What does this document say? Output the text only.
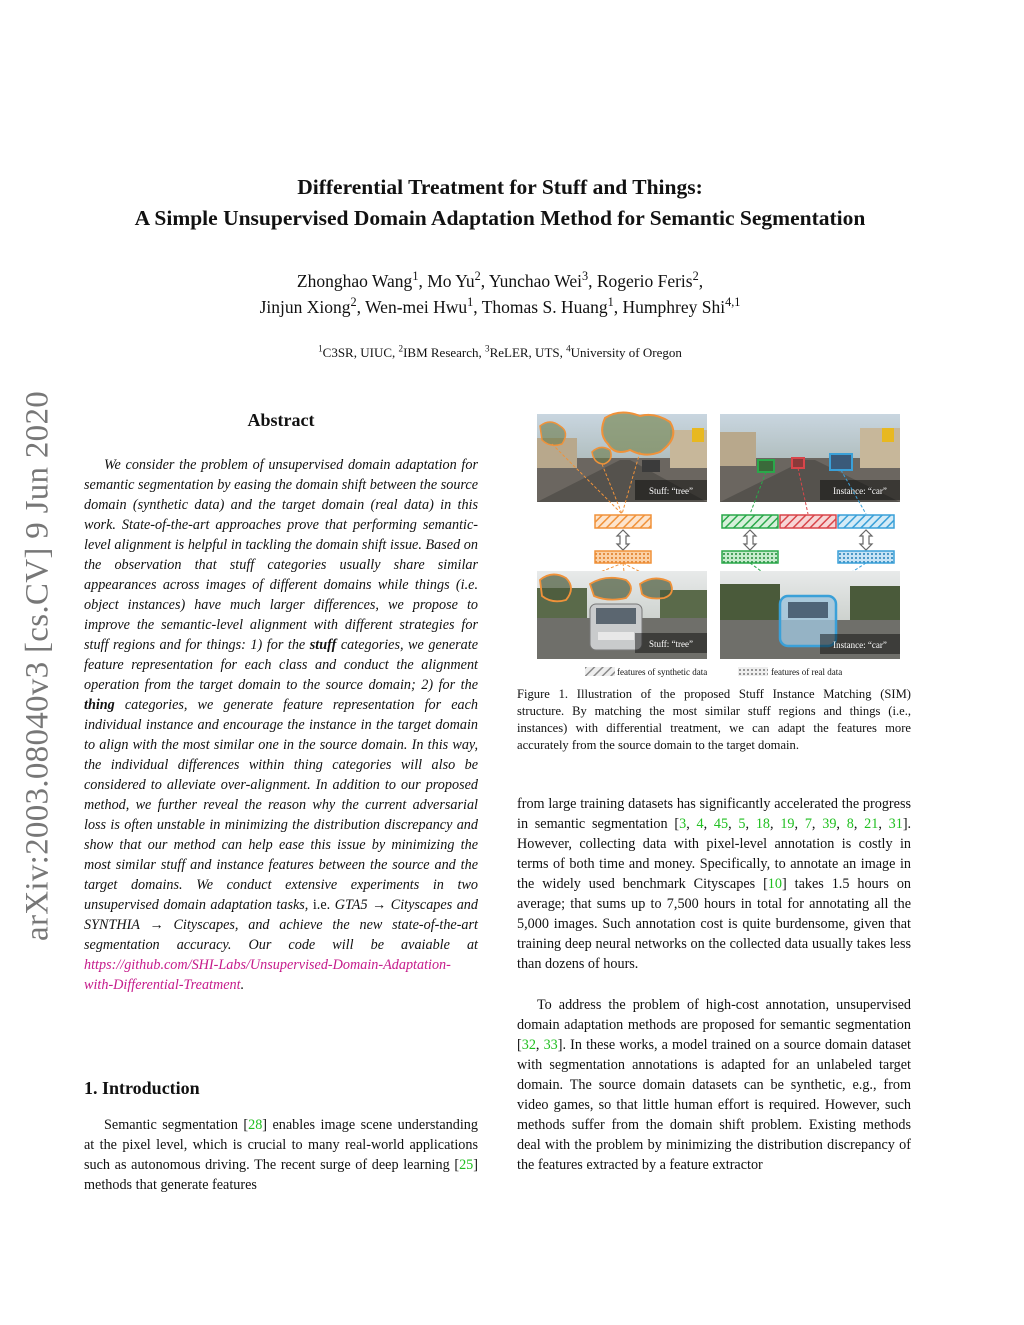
arXiv:2003.08040v3 [cs.CV] 9 Jun 2020
Differential Treatment for Stuff and Things:
A Simple Unsupervised Domain Adaptation Method for Semantic Segmentation
Zhonghao Wang$^1$, Mo Yu$^2$, Yunchao Wei$^3$, Rogerio Feris$^2$,
Jinjun Xiong$^2$, Wen-mei Hwu$^1$, Thomas S. Huang$^1$, Humphrey Shi$^{4,1}$
$^1$C3SR, UIUC, $^2$IBM Research, $^3$ReLER, UTS, $^4$University of Oregon
Abstract

We consider the problem of unsupervised domain adaptation for semantic segmentation by easing the domain shift between the source domain (synthetic data) and the target domain (real data) in this work. State-of-the-art approaches prove that performing semantic-level alignment is helpful in tackling the domain shift issue. Based on the observation that stuff categories usually share similar appearances across images of different domains while things (i.e. object instances) have much larger differences, we propose to improve the semantic-level alignment with different strategies for stuff regions and for things: 1) for the stuff categories, we generate feature representation for each class and conduct the alignment operation from the target domain to the source domain; 2) for the thing categories, we generate feature representation for each individual instance and encourage the instance in the target domain to align with the most similar one in the source domain. In this way, the individual differences within thing categories will also be considered to alleviate over-alignment. In addition to our proposed method, we further reveal the reason why the current adversarial loss is often unstable in minimizing the distribution discrepancy and show that our method can help ease this issue by minimizing the most similar stuff and instance features between the source and the target domains. We conduct extensive experiments in two unsupervised domain adaptation tasks, i.e. GTA5 → Cityscapes and SYNTHIA → Cityscapes, and achieve the new state-of-the-art segmentation accuracy. Our code will be avaiable at https://github.com/SHI-Labs/Unsupervised-Domain-Adaptation-with-Differential-Treatment.

1. Introduction

Semantic segmentation [28] enables image scene understanding at the pixel level, which is crucial to many real-world applications such as autonomous driving. The recent surge of deep learning [25] methods that generate features

Stuff: “tree”	Instance: “car”
Stuff: “tree”	Instance: “car”
features of synthetic data	features of real data

Figure 1. Illustration of the proposed Stuff Instance Matching (SIM) structure. By matching the most similar stuff regions and things (i.e., instances) with differential treatment, we can adapt the features more accurately from the source domain to the target domain.

from large training datasets has significantly accelerated the progress in semantic segmentation [3, 4, 45, 5, 18, 19, 7, 39, 8, 21, 31]. However, collecting data with pixel-level annotation is costly in terms of both time and money. Specifically, to annotate an image in the widely used benchmark Cityscapes [10] takes 1.5 hours on average; that sums up to 7,500 hours in total for annotating all the 5,000 images. Such annotation cost is quite burdensome, given that training deep neural networks on the collected data usually takes less than dozens of hours.

To address the problem of high-cost annotation, unsupervised domain adaptation methods are proposed for semantic segmentation [32, 33]. In these works, a model trained on a source domain dataset with segmentation annotations is adapted for an unlabeled target domain. The source domain datasets can be synthetic, e.g., from video games, so that little human effort is required. However, such methods suffer from the domain shift problem. Existing methods deal with the problem by minimizing the distribution discrepancy of the features extracted by a feature extractor
